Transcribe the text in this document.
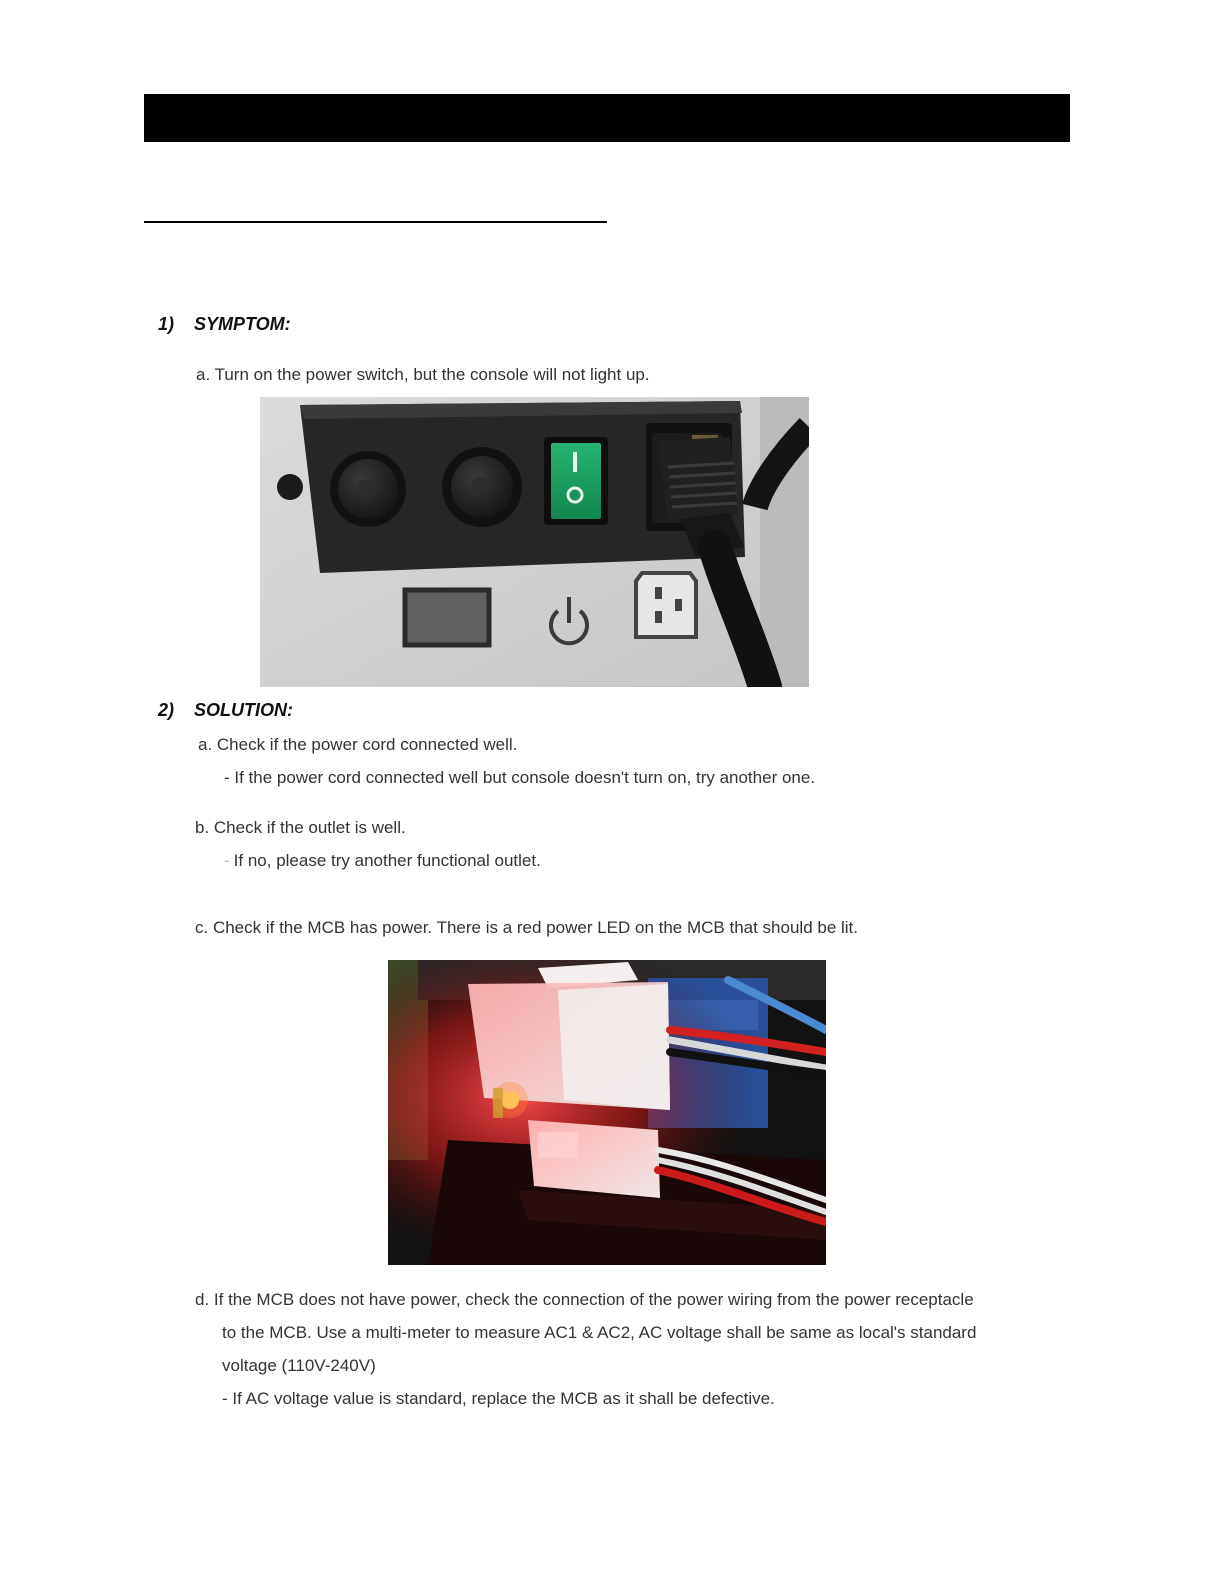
1) SYMPTOM:
a. Turn on the power switch, but the console will not light up.
2) SOLUTION:
a. Check if the power cord connected well.
- If the power cord connected well but console doesn't turn on, try another one.
b. Check if the outlet is well.
- If no, please try another functional outlet.
c. Check if the MCB has power. There is a red power LED on the MCB that should be lit.
d. If the MCB does not have power, check the connection of the power wiring from the power receptacle
to the MCB. Use a multi-meter to measure AC1 & AC2, AC voltage shall be same as local's standard
voltage (110V-240V)
- If AC voltage value is standard, replace the MCB as it shall be defective.
